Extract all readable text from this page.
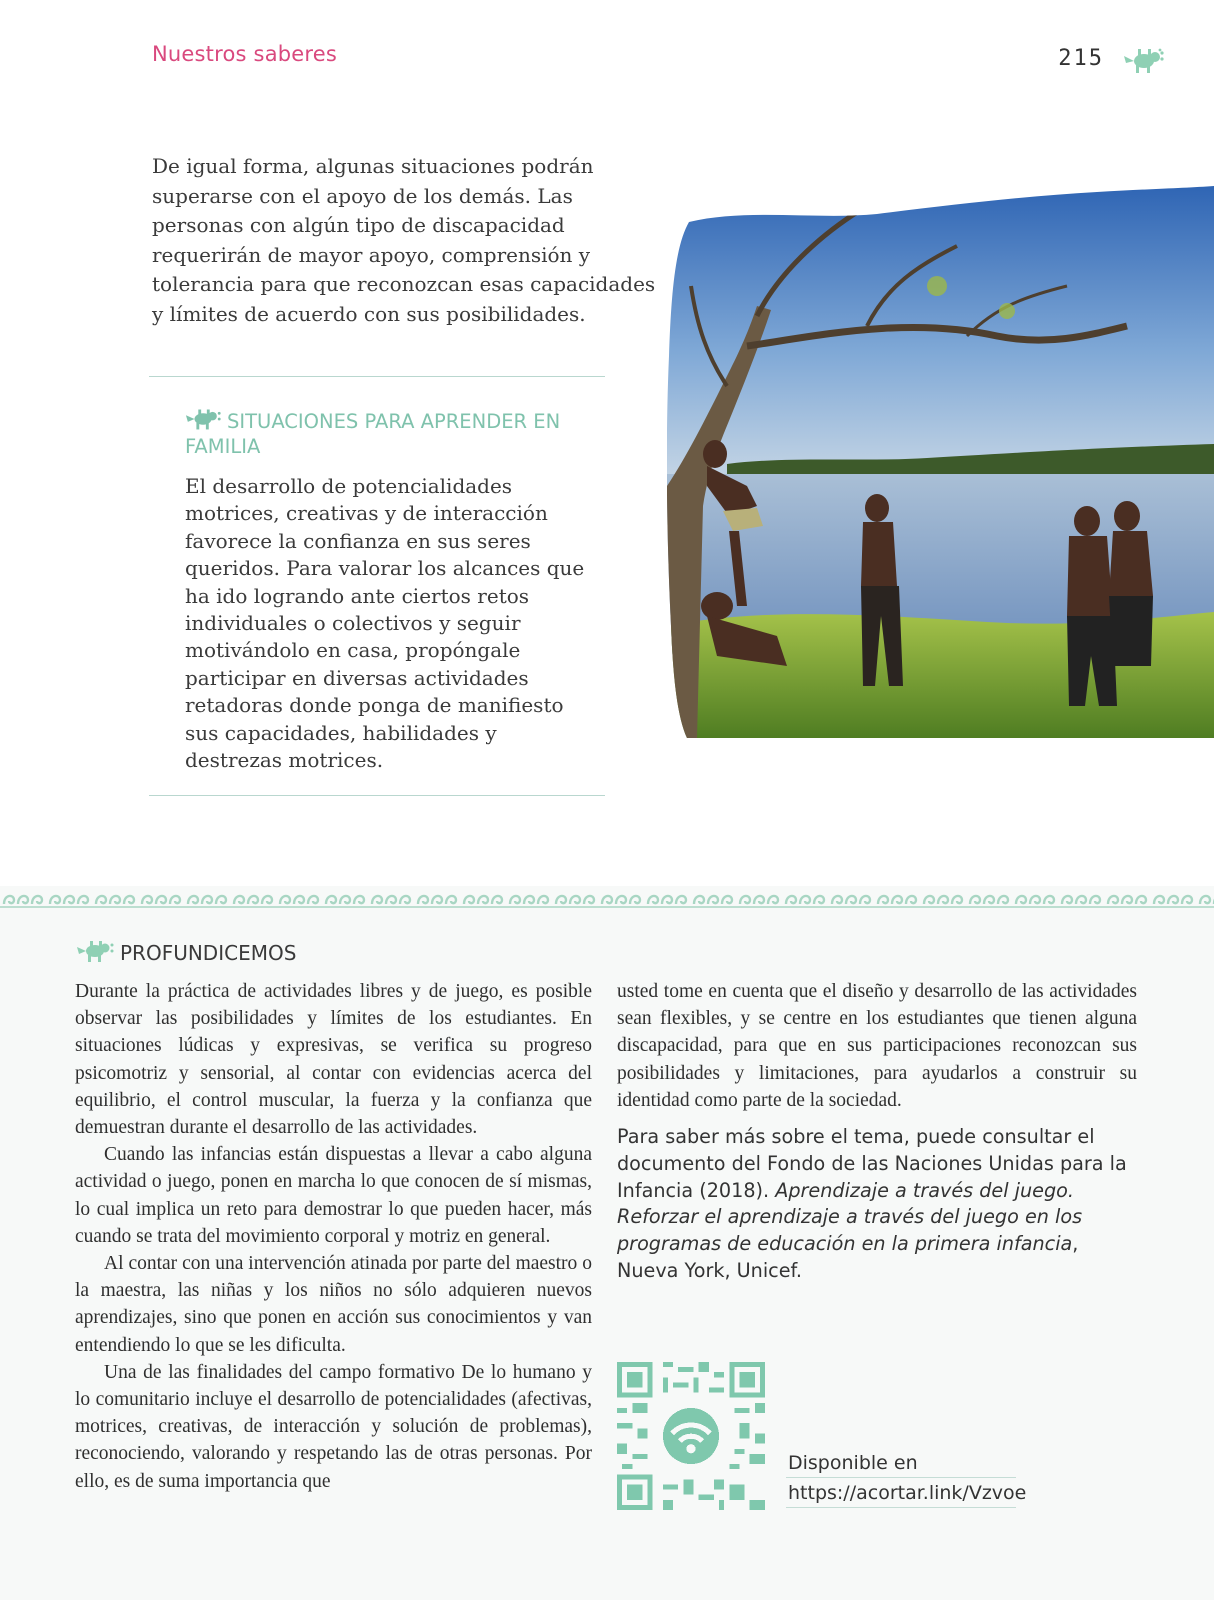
Nuestros saberes	215

De igual forma, algunas situaciones podrán superarse con el apoyo de los demás. Las personas con algún tipo de discapacidad requerirán de mayor apoyo, comprensión y tolerancia para que reconozcan esas capacidades y límites de acuerdo con sus posibilidades.

SITUACIONES PARA APRENDER EN FAMILIA

El desarrollo de potencialidades motrices, creativas y de interacción favorece la confianza en sus seres queridos. Para valorar los alcances que ha ido logrando ante ciertos retos individuales o colectivos y seguir motivándolo en casa, propóngale participar en diversas actividades retadoras donde ponga de manifiesto sus capacidades, habilidades y destrezas motrices.

PROFUNDICEMOS

Durante la práctica de actividades libres y de juego, es posible observar las posibilidades y límites de los estudiantes. En situaciones lúdicas y expresivas, se verifica su progreso psicomotriz y sensorial, al contar con evidencias acerca del equilibrio, el control muscular, la fuerza y la confianza que demuestran durante el desarrollo de las actividades.

Cuando las infancias están dispuestas a llevar a cabo alguna actividad o juego, ponen en marcha lo que conocen de sí mismas, lo cual implica un reto para demostrar lo que pueden hacer, más cuando se trata del movimiento corporal y motriz en general.

Al contar con una intervención atinada por parte del maestro o la maestra, las niñas y los niños no sólo adquieren nuevos aprendizajes, sino que ponen en acción sus conocimientos y van entendiendo lo que se les dificulta.

Una de las finalidades del campo formativo De lo humano y lo comunitario incluye el desarrollo de potencialidades (afectivas, motrices, creativas, de interacción y solución de problemas), reconociendo, valorando y respetando las de otras personas. Por ello, es de suma importancia que

usted tome en cuenta que el diseño y desarrollo de las actividades sean flexibles, y se centre en los estudiantes que tienen alguna discapacidad, para que en sus participaciones reconozcan sus posibilidades y limitaciones, para ayudarlos a construir su identidad como parte de la sociedad.

Para saber más sobre el tema, puede consultar el documento del Fondo de las Naciones Unidas para la Infancia (2018). Aprendizaje a través del juego. Reforzar el aprendizaje a través del juego en los programas de educación en la primera infancia, Nueva York, Unicef.

Disponible en
https://acortar.link/Vzvoe
